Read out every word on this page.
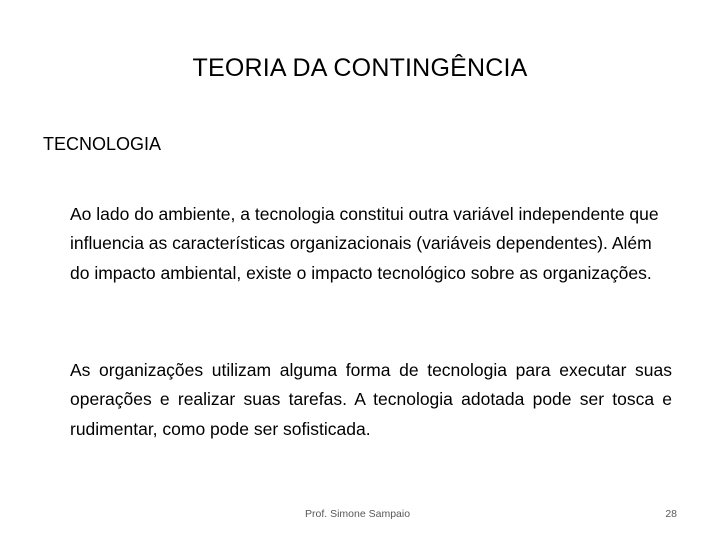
TEORIA DA CONTINGÊNCIA
TECNOLOGIA

Ao lado do ambiente, a tecnologia constitui outra variável independente que influencia as características organizacionais (variáveis dependentes). Além do impacto ambiental, existe o impacto tecnológico sobre as organizações.

As organizações utilizam alguma forma de tecnologia para executar suas operações e realizar suas tarefas. A tecnologia adotada pode ser tosca e rudimentar, como pode ser sofisticada.

Prof. Simone Sampaio	28
